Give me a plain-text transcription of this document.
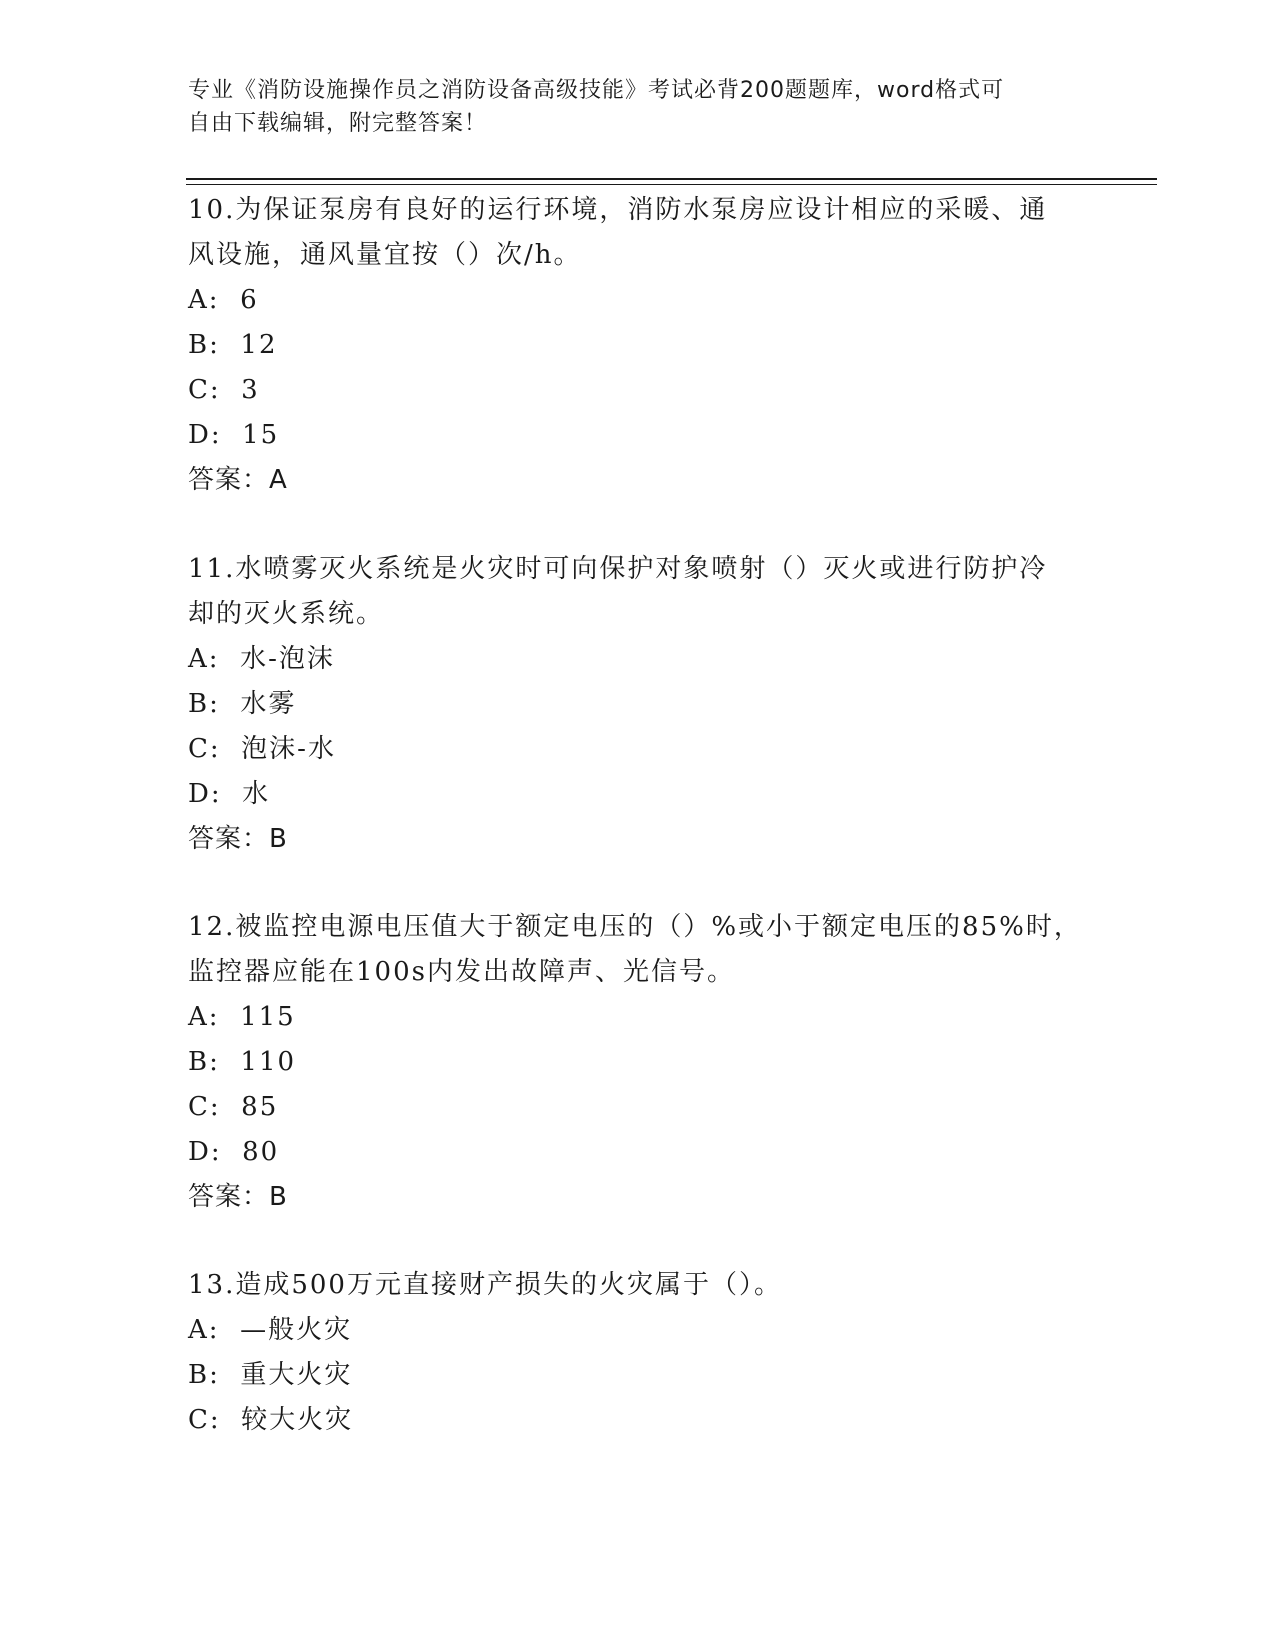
专业《消防设施操作员之消防设备高级技能》考试必背200题题库，word格式可
自由下载编辑，附完整答案！

10.为保证泵房有良好的运行环境，消防水泵房应设计相应的采暖、通

风设施，通风量宜按（）次/h。

A:  6

B:  12

C:  3

D:  15

答案：A

11.水喷雾灭火系统是火灾时可向保护对象喷射（）灭火或进行防护冷

却的灭火系统。

A:  水-泡沫

B:  水雾

C:  泡沫-水

D:  水

答案：B

12.被监控电源电压值大于额定电压的（）%或小于额定电压的85%时，

监控器应能在100s内发出故障声、光信号。

A:  115

B:  110

C:  85

D:  80

答案：B

13.造成500万元直接财产损失的火灾属于（）。

A:  —般火灾

B:  重大火灾

C:  较大火灾
